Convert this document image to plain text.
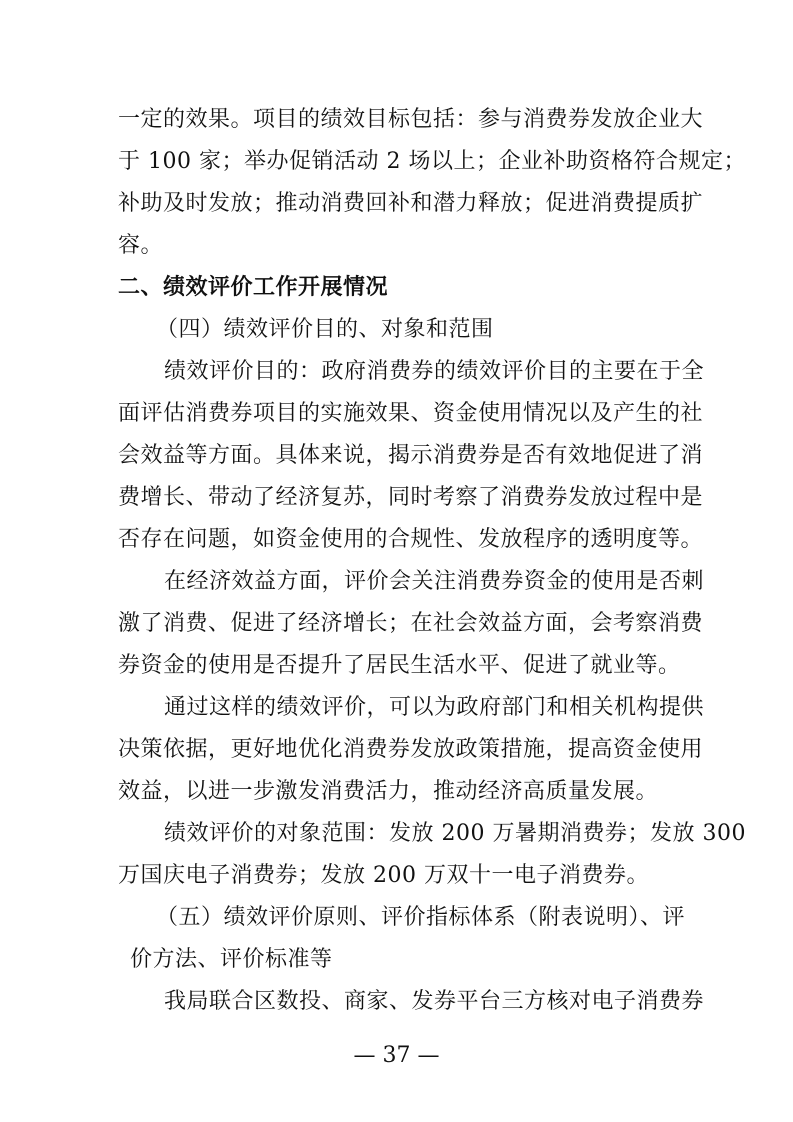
一定的效果。项目的绩效目标包括：参与消费券发放企业大
于 100 家；举办促销活动 2 场以上；企业补助资格符合规定；
补助及时发放；推动消费回补和潜力释放；促进消费提质扩
容。
二、绩效评价工作开展情况
（四）绩效评价目的、对象和范围
绩效评价目的：政府消费券的绩效评价目的主要在于全
面评估消费券项目的实施效果、资金使用情况以及产生的社
会效益等方面。具体来说，揭示消费券是否有效地促进了消
费增长、带动了经济复苏，同时考察了消费券发放过程中是
否存在问题，如资金使用的合规性、发放程序的透明度等。
在经济效益方面，评价会关注消费券资金的使用是否刺
激了消费、促进了经济增长；在社会效益方面，会考察消费
券资金的使用是否提升了居民生活水平、促进了就业等。
通过这样的绩效评价，可以为政府部门和相关机构提供
决策依据，更好地优化消费券发放政策措施，提高资金使用
效益，以进一步激发消费活力，推动经济高质量发展。
绩效评价的对象范围：发放 200 万暑期消费券；发放 300
万国庆电子消费券；发放 200 万双十一电子消费券。
（五）绩效评价原则、评价指标体系（附表说明）、评
价方法、评价标准等
我局联合区数投、商家、发券平台三方核对电子消费券
— 37 —
